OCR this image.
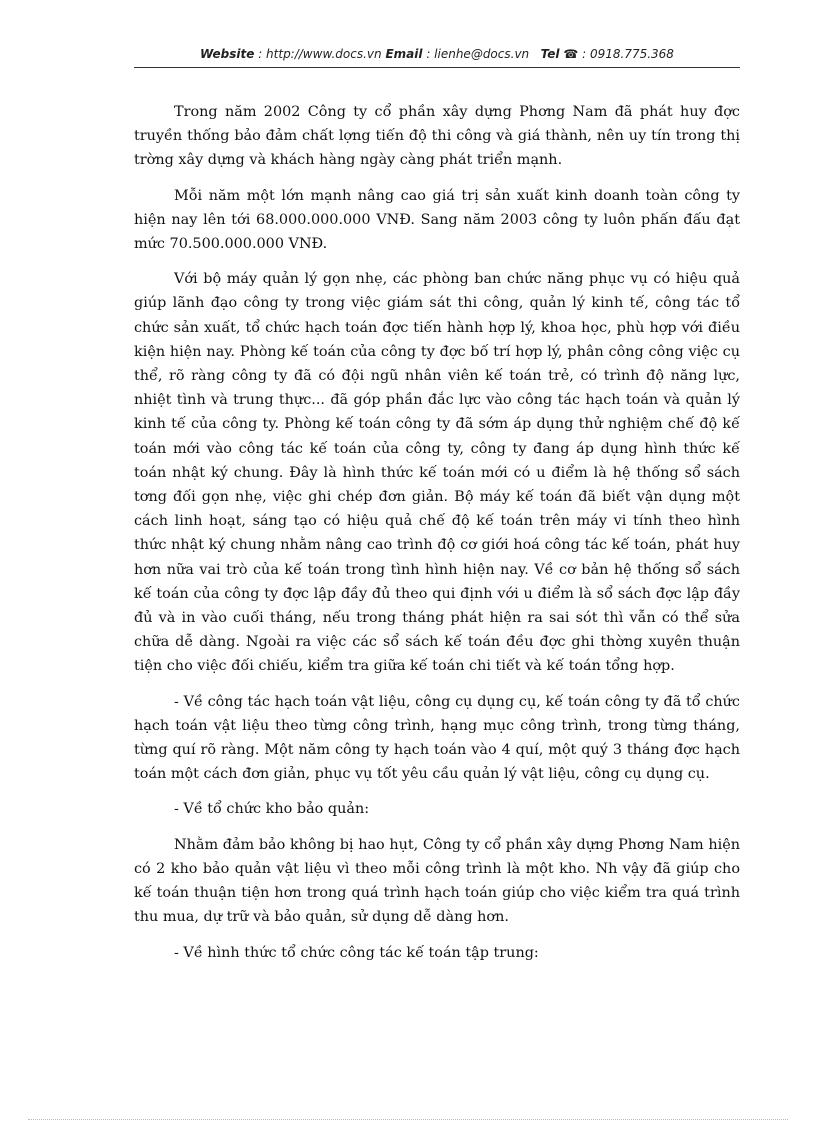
Website : http://www.docs.vn Email : lienhe@docs.vn Tel ☎ : 0918.775.368

Trong năm 2002 Công ty cổ phần xây dựng Phơng Nam đã phát huy đợc truyền thống bảo đảm chất lợng tiến độ thi công và giá thành, nên uy tín trong thị trờng xây dựng và khách hàng ngày càng phát triển mạnh.

Mỗi năm một lớn mạnh nâng cao giá trị sản xuất kinh doanh toàn công ty hiện nay lên tới 68.000.000.000 VNĐ. Sang năm 2003 công ty luôn phấn đấu đạt mức 70.500.000.000 VNĐ.

Với bộ máy quản lý gọn nhẹ, các phòng ban chức năng phục vụ có hiệu quả giúp lãnh đạo công ty trong việc giám sát thi công, quản lý kinh tế, công tác tổ chức sản xuất, tổ chức hạch toán đợc tiến hành hợp lý, khoa học, phù hợp với điều kiện hiện nay. Phòng kế toán của công ty đợc bố trí hợp lý, phân công công việc cụ thể, rõ ràng công ty đã có đội ngũ nhân viên kế toán trẻ, có trình độ năng lực, nhiệt tình và trung thực... đã góp phần đắc lực vào công tác hạch toán và quản lý kinh tế của công ty. Phòng kế toán công ty đã sớm áp dụng thử nghiệm chế độ kế toán mới vào công tác kế toán của công ty, công ty đang áp dụng hình thức kế toán nhật ký chung. Đây là hình thức kế toán mới có u điểm là hệ thống sổ sách tơng đối gọn nhẹ, việc ghi chép đơn giản. Bộ máy kế toán đã biết vận dụng một cách linh hoạt, sáng tạo có hiệu quả chế độ kế toán trên máy vi tính theo hình thức nhật ký chung nhằm nâng cao trình độ cơ giới hoá công tác kế toán, phát huy hơn nữa vai trò của kế toán trong tình hình hiện nay. Về cơ bản hệ thống sổ sách kế toán của công ty đợc lập đầy đủ theo qui định với u điểm là sổ sách đợc lập đầy đủ và in vào cuối tháng, nếu trong tháng phát hiện ra sai sót thì vẫn có thể sửa chữa dễ dàng. Ngoài ra việc các sổ sách kế toán đều đợc ghi thờng xuyên thuận tiện cho việc đối chiếu, kiểm tra giữa kế toán chi tiết và kế toán tổng hợp.

- Về công tác hạch toán vật liệu, công cụ dụng cụ, kế toán công ty đã tổ chức hạch toán vật liệu theo từng công trình, hạng mục công trình, trong từng tháng, từng quí rõ ràng. Một năm công ty hạch toán vào 4 quí, một quý 3 tháng đợc hạch toán một cách đơn giản, phục vụ tốt yêu cầu quản lý vật liệu, công cụ dụng cụ.

- Về tổ chức kho bảo quản:

Nhằm đảm bảo không bị hao hụt, Công ty cổ phần xây dựng Phơng Nam hiện có 2 kho bảo quản vật liệu vì theo mỗi công trình là một kho. Nh vậy đã giúp cho kế toán thuận tiện hơn trong quá trình hạch toán giúp cho việc kiểm tra quá trình thu mua, dự trữ và bảo quản, sử dụng dễ dàng hơn.

- Về hình thức tổ chức công tác kế toán tập trung:
